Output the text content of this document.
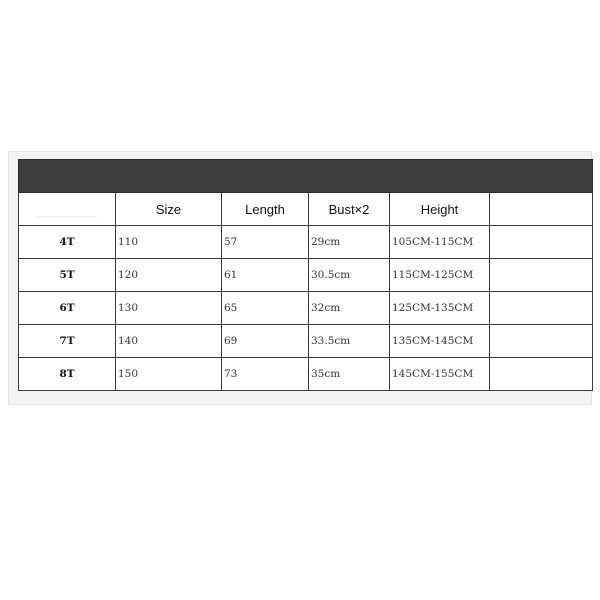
	Size	Length	Bust×2	Height	
4T	110	57	29cm	105CM-115CM	
5T	120	61	30.5cm	115CM-125CM	
6T	130	65	32cm	125CM-135CM	
7T	140	69	33.5cm	135CM-145CM	
8T	150	73	35cm	145CM-155CM	
